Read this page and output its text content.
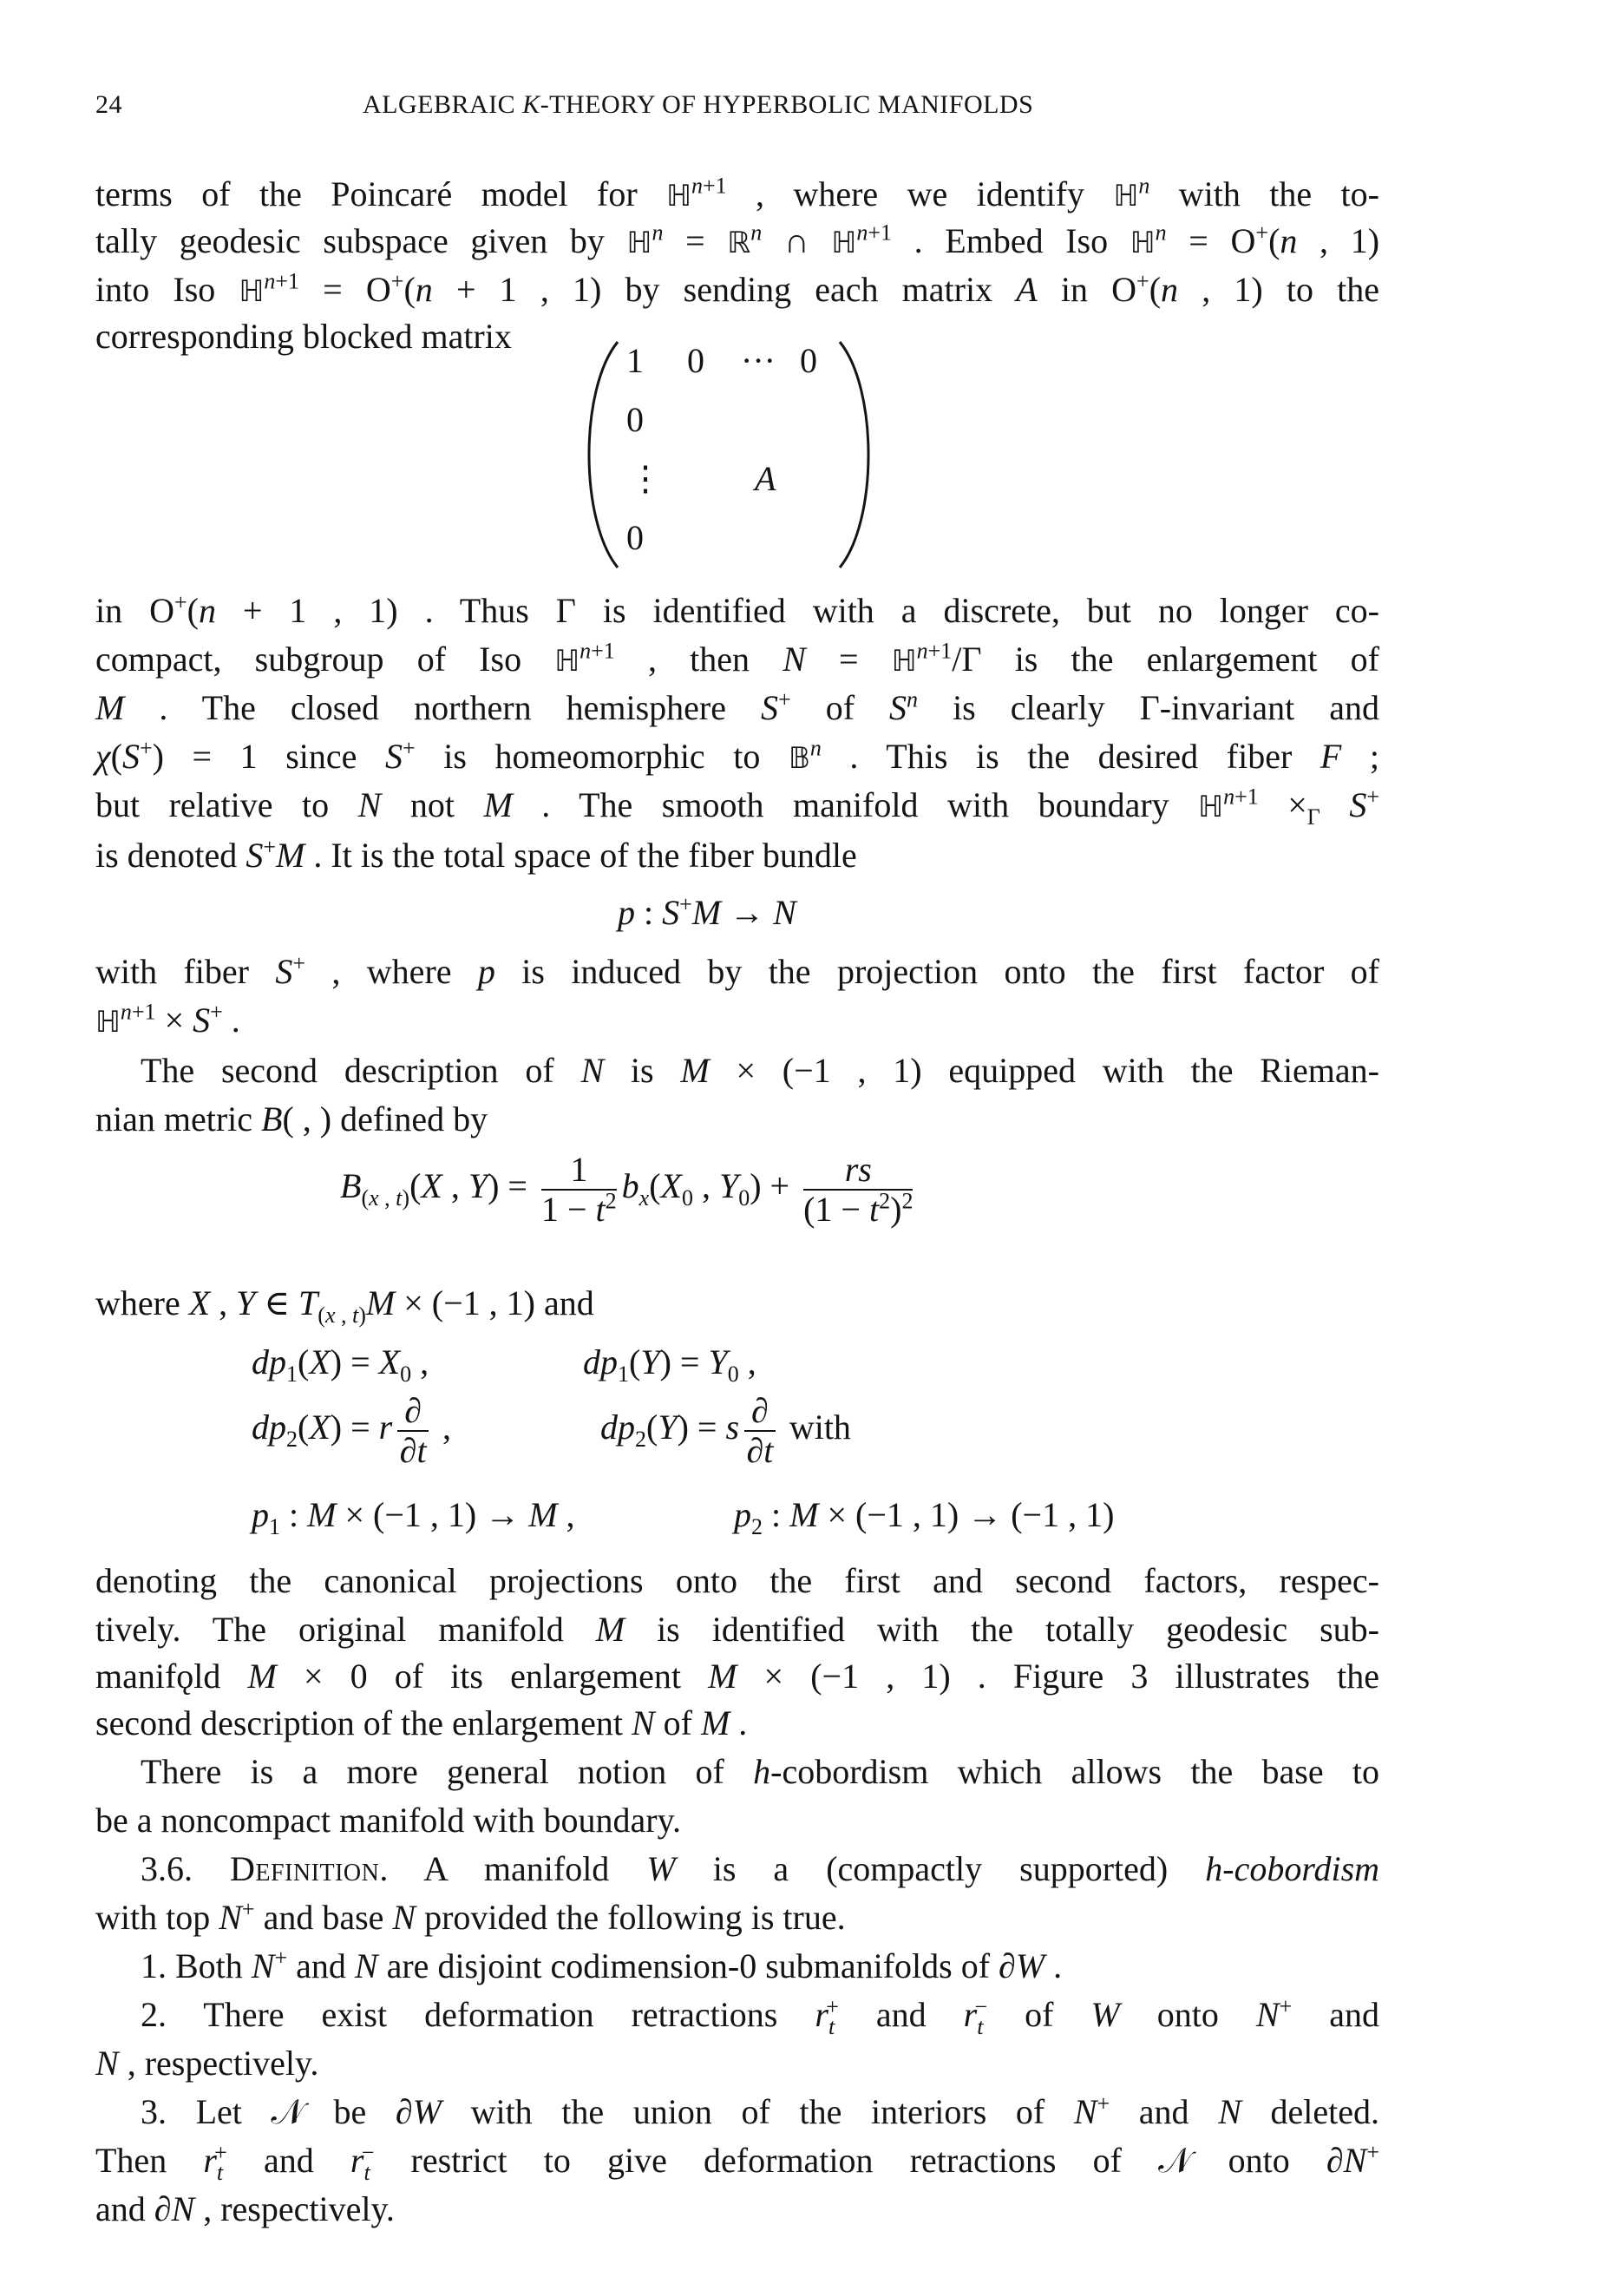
24	ALGEBRAIC K-THEORY OF HYPERBOLIC MANIFOLDS
terms of the Poincaré model for ℍ$^{n+1}$ , where we identify ℍ$^n$ with the to-
tally geodesic subspace given by ℍ$^n$ = ℝ$^n$ ∩ ℍ$^{n+1}$ . Embed Iso ℍ$^n$ = O+(n , 1)
into Iso ℍ$^{n+1}$ = O+(n + 1 , 1) by sending each matrix A in O+(n , 1) to the
corresponding blocked matrix
1 0 ··· 0
0
⋮	A
0
in O+(n + 1 , 1) . Thus Γ is identified with a discrete, but no longer co-
compact, subgroup of Iso ℍ$^{n+1}$ , then N = ℍ$^{n+1}$/Γ is the enlargement of
M . The closed northern hemisphere S+ of $S^n$ is clearly Γ-invariant and
χ(S+) = 1 since S+ is homeomorphic to 𝔹$^n$ . This is the desired fiber F ;
but relative to N not M . The smooth manifold with boundary ℍ$^{n+1}$ $\times_\Gamma$ S+
is denoted S+M . It is the total space of the fiber bundle
p : S+M → N
with fiber S+ , where p is induced by the projection onto the first factor of
ℍ$^{n+1}$ × S+ .
The second description of N is M × (−1 , 1) equipped with the Rieman-
nian metric B( , ) defined by
$B_{(x , t)}(X$ , $Y) = \frac{1}{1 - t^2} b_x(X_0$ , $Y_0) + \frac{rs}{(1 - t^2)^2}$
where X , Y ∈ $T_{(x , t)}M \times (-1$ , 1) and
$dp_1(X) = X_0$ ,	$dp_1(Y) = Y_0$ ,
$dp_2(X) = r \frac{\partial}{\partial t}$ ,	$dp_2(Y) = s \frac{\partial}{\partial t}$ with
$p_1$ : M × (−1 , 1) → M ,	$p_2$ : M × (−1 , 1) → (−1 , 1)
denoting the canonical projections onto the first and second factors, respec-
tively. The original manifold M is identified with the totally geodesic sub-
manifǫld M × 0 of its enlargement M × (−1 , 1) . Figure 3 illustrates the
second description of the enlargement N of M .
There is a more general notion of h-cobordism which allows the base to
be a noncompact manifold with boundary.
3.6. Definition. A manifold W is a (compactly supported) h-cobordism
with top N+ and base N provided the following is true.
1. Both N+ and N are disjoint codimension-0 submanifolds of ∂W .
2. There exist deformation retractions $r_t^+$ and $r_t^-$ of W onto N+ and
N , respectively.
3. Let 𝒩 be ∂W with the union of the interiors of N+ and N deleted.
Then $r_t^+$ and $r_t^-$ restrict to give deformation retractions of 𝒩 onto ∂N+
and ∂N , respectively.
